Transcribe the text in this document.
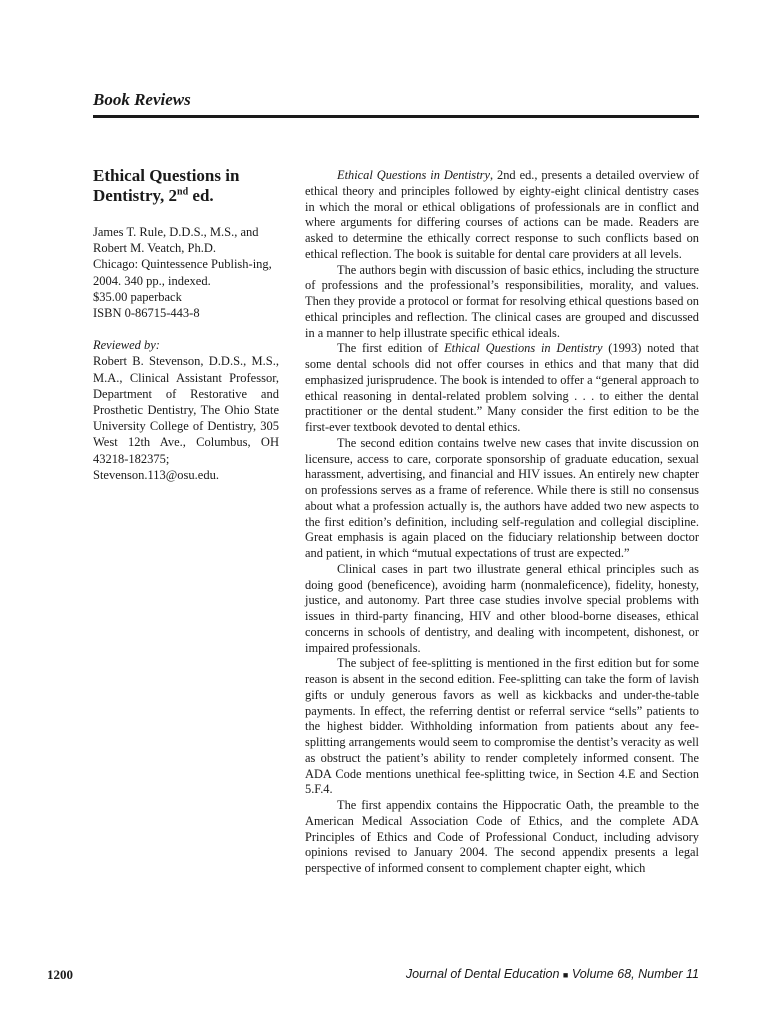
Book Reviews
Ethical Questions in Dentistry, 2nd ed.

James T. Rule, D.D.S., M.S., and

Robert M. Veatch, Ph.D.

Chicago: Quintessence Publish-ing, 2004. 340 pp., indexed.

$35.00 paperback

ISBN 0-86715-443-8

Reviewed by:

Robert B. Stevenson, D.D.S., M.S., M.A., Clinical Assistant Professor, Department of Restorative and Prosthetic Dentistry, The Ohio State University College of Dentistry, 305 West 12th Ave., Columbus, OH 43218-182375; Stevenson.113@osu.edu.

Ethical Questions in Dentistry, 2nd ed., presents a detailed overview of ethical theory and principles followed by eighty-eight clinical dentistry cases in which the moral or ethical obligations of professionals are in conflict and where arguments for differing courses of actions can be made. Readers are asked to determine the ethically correct response to such conflicts based on ethical reflection. The book is suitable for dental care providers at all levels.

The authors begin with discussion of basic ethics, including the structure of professions and the professional’s responsibilities, morality, and values. Then they provide a protocol or format for resolving ethical questions based on ethical principles and reflection. The clinical cases are grouped and discussed in a manner to help illustrate specific ethical ideals.

The first edition of Ethical Questions in Dentistry (1993) noted that some dental schools did not offer courses in ethics and that many that did emphasized jurisprudence. The book is intended to offer a “general approach to ethical reasoning in dental-related problem solving . . . to either the dental practitioner or the dental student.” Many consider the first edition to be the first-ever textbook devoted to dental ethics.

The second edition contains twelve new cases that invite discussion on licensure, access to care, corporate sponsorship of graduate education, sexual harassment, advertising, and financial and HIV issues. An entirely new chapter on professions serves as a frame of reference. While there is still no consensus about what a profession actually is, the authors have added two new aspects to the first edition’s definition, including self-regulation and collegial discipline. Great emphasis is again placed on the fiduciary relationship between doctor and patient, in which “mutual expectations of trust are expected.”

Clinical cases in part two illustrate general ethical principles such as doing good (beneficence), avoiding harm (nonmaleficence), fidelity, honesty, justice, and autonomy. Part three case studies involve special problems with issues in third-party financing, HIV and other blood-borne diseases, ethical concerns in schools of dentistry, and dealing with incompetent, dishonest, or impaired professionals.

The subject of fee-splitting is mentioned in the first edition but for some reason is absent in the second edition. Fee-splitting can take the form of lavish gifts or unduly generous favors as well as kickbacks and under-the-table payments. In effect, the referring dentist or referral service “sells” patients to the highest bidder. Withholding information from patients about any fee-splitting arrangements would seem to compromise the dentist’s veracity as well as obstruct the patient’s ability to render completely informed consent. The ADA Code mentions unethical fee-splitting twice, in Section 4.E and Section 5.F.4.

The first appendix contains the Hippocratic Oath, the preamble to the American Medical Association Code of Ethics, and the complete ADA Principles of Ethics and Code of Professional Conduct, including advisory opinions revised to January 2004. The second appendix presents a legal perspective of informed consent to complement chapter eight, which

1200	Journal of Dental Education ■ Volume 68, Number 11
